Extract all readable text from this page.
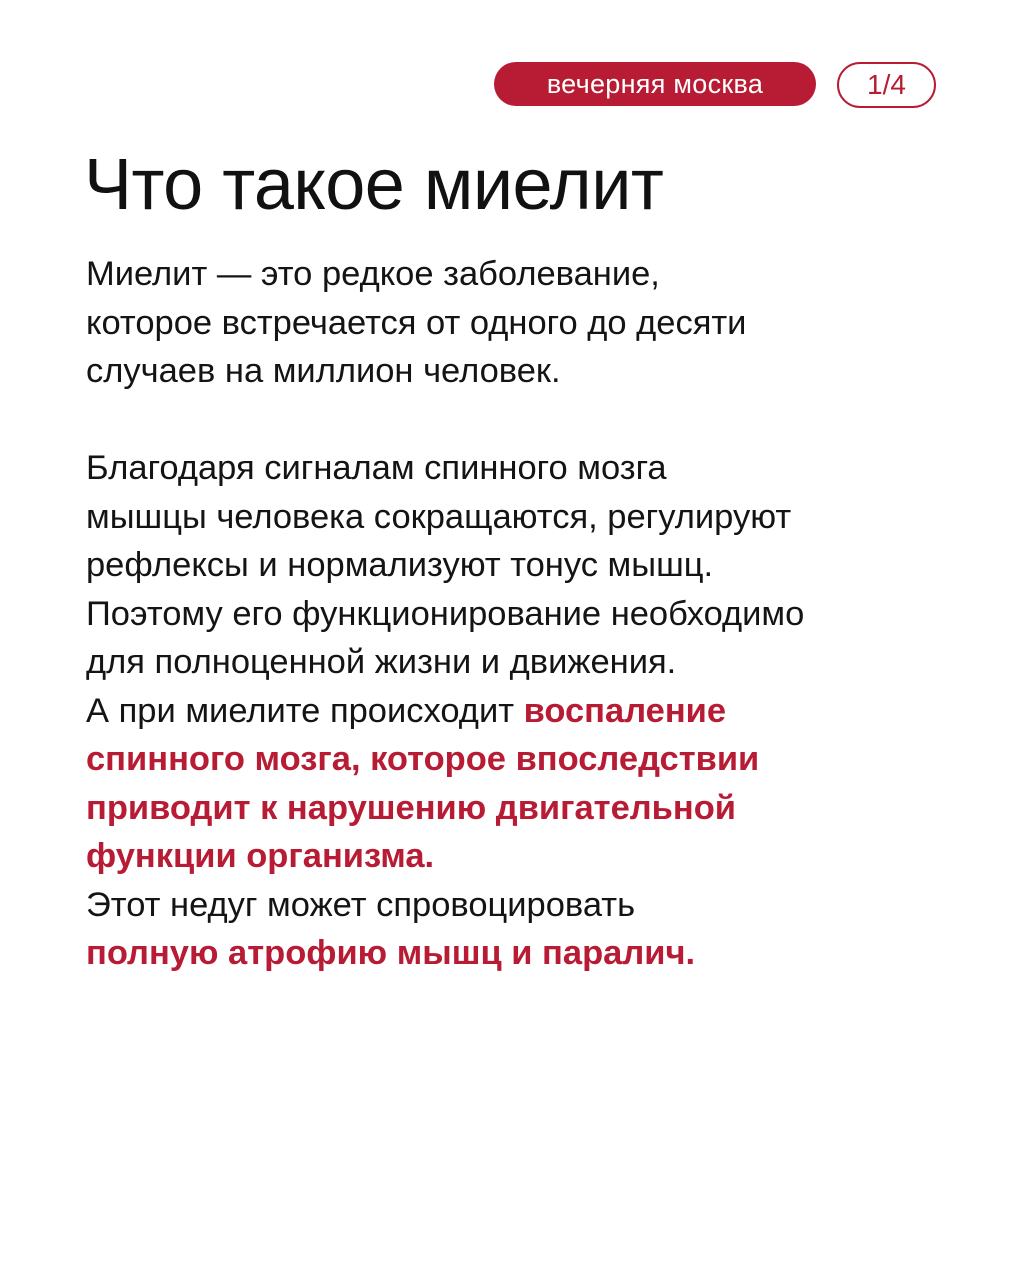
вечерняя москва	1/4
Что такое миелит
Миелит — это редкое заболевание,
которое встречается от одного до десяти
случаев на миллион человек.
Благодаря сигналам спинного мозга
мышцы человека сокращаются, регулируют
рефлексы и нормализуют тонус мышц.
Поэтому его функционирование необходимо
для полноценной жизни и движения.
А при миелите происходит воспаление
спинного мозга, которое впоследствии
приводит к нарушению двигательной
функции организма.
Этот недуг может спровоцировать
полную атрофию мышц и паралич.
